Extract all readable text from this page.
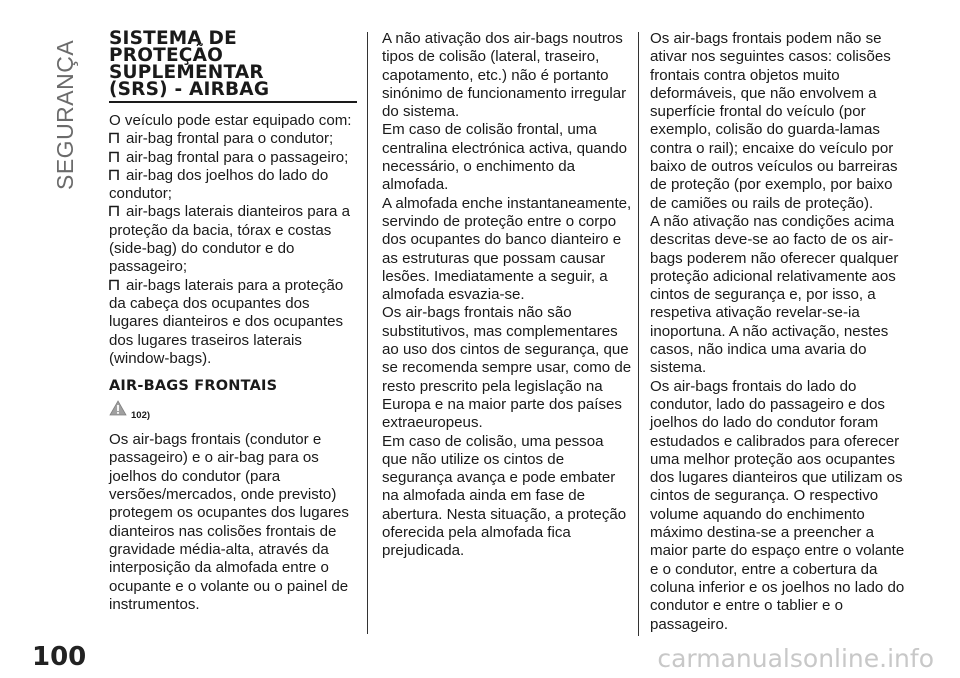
SEGURANÇA
SISTEMA DE
PROTEÇÃO
SUPLEMENTAR
(SRS) - AIRBAG

O veículo pode estar equipado com:

air-bag frontal para o condutor;

air-bag frontal para o passageiro;

air-bag dos joelhos do lado do condutor;

air-bags laterais dianteiros para a proteção da bacia, tórax e costas (side-bag) do condutor e do passageiro;

air-bags laterais para a proteção da cabeça dos ocupantes dos lugares dianteiros e dos ocupantes dos lugares traseiros laterais (window-bags).

AIR-BAGS FRONTAIS
102)

Os air-bags frontais (condutor e passageiro) e o air-bag para os joelhos do condutor (para versões/mercados, onde previsto) protegem os ocupantes dos lugares dianteiros nas colisões frontais de gravidade média-alta, através da interposição da almofada entre o ocupante e o volante ou o painel de instrumentos.

A não ativação dos air-bags noutros tipos de colisão (lateral, traseiro, capotamento, etc.) não é portanto sinónimo de funcionamento irregular do sistema.

Em caso de colisão frontal, uma centralina electrónica activa, quando necessário, o enchimento da almofada.

A almofada enche instantaneamente, servindo de proteção entre o corpo dos ocupantes do banco dianteiro e as estruturas que possam causar lesões. Imediatamente a seguir, a almofada esvazia-se.

Os air-bags frontais não são substitutivos, mas complementares ao uso dos cintos de segurança, que se recomenda sempre usar, como de resto prescrito pela legislação na Europa e na maior parte dos países extraeuropeus.

Em caso de colisão, uma pessoa que não utilize os cintos de segurança avança e pode embater na almofada ainda em fase de abertura. Nesta situação, a proteção oferecida pela almofada fica prejudicada.

Os air-bags frontais podem não se ativar nos seguintes casos: colisões frontais contra objetos muito deformáveis, que não envolvem a superfície frontal do veículo (por exemplo, colisão do guarda-lamas contra o rail); encaixe do veículo por baixo de outros veículos ou barreiras de proteção (por exemplo, por baixo de camiões ou rails de proteção).

A não ativação nas condições acima descritas deve-se ao facto de os air-bags poderem não oferecer qualquer proteção adicional relativamente aos cintos de segurança e, por isso, a respetiva ativação revelar-se-ia inoportuna. A não activação, nestes casos, não indica uma avaria do sistema.

Os air-bags frontais do lado do condutor, lado do passageiro e dos joelhos do lado do condutor foram estudados e calibrados para oferecer uma melhor proteção aos ocupantes dos lugares dianteiros que utilizam os cintos de segurança. O respectivo volume aquando do enchimento máximo destina-se a preencher a maior parte do espaço entre o volante e o condutor, entre a cobertura da coluna inferior e os joelhos no lado do condutor e entre o tablier e o passageiro.

100	carmanualsonline.info
